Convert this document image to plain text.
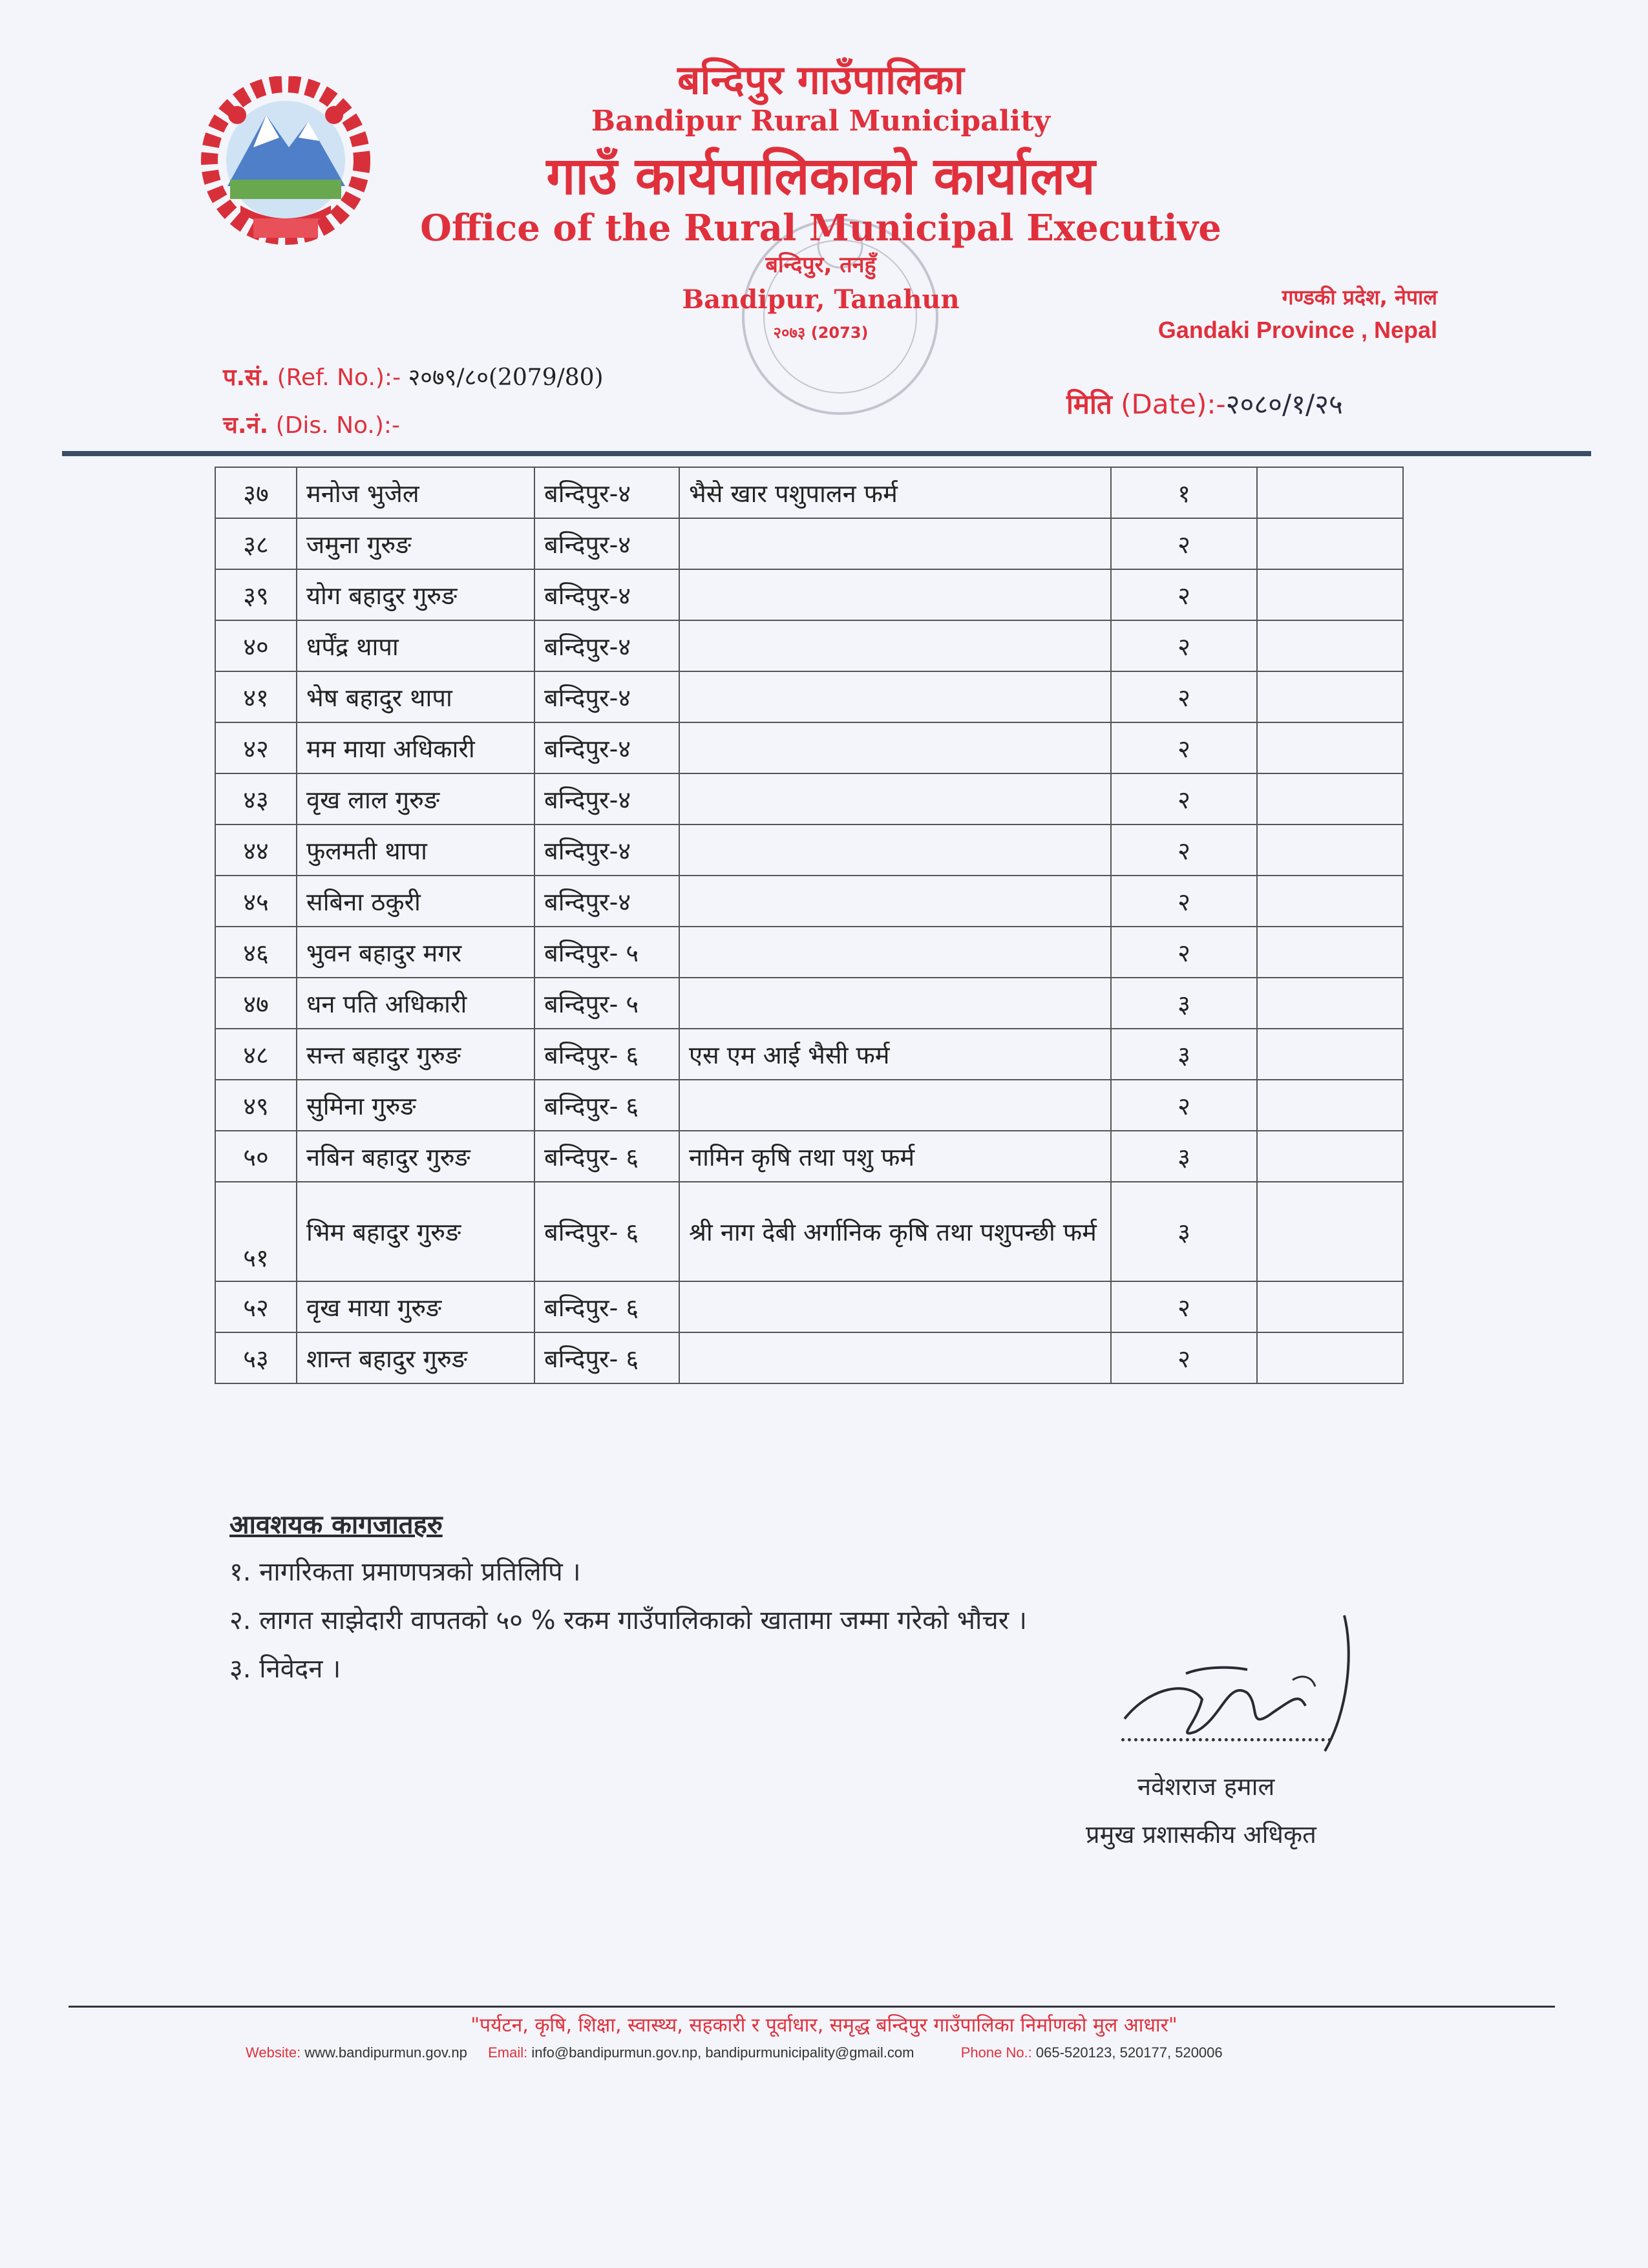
बन्दिपुर गाउँपालिका
Bandipur Rural Municipality
गाउँ कार्यपालिकाको कार्यालय
Office of the Rural Municipal Executive
बन्दिपुर, तनहुँ
Bandipur, Tanahun
२०७३ (2073)
गण्डकी प्रदेश, नेपाल
Gandaki Province , Nepal
प.सं. (Ref. No.):- २०७९/८०(2079/80)
च.नं. (Dis. No.):-
मिति (Date):-२०८०/१/२५
३७	मनोज भुजेल	बन्दिपुर-४	भैसे खार पशुपालन फर्म	१	
३८	जमुना गुरुङ	बन्दिपुर-४		२	
३९	योग बहादुर गुरुङ	बन्दिपुर-४		२	
४०	धर्पेंद्र थापा	बन्दिपुर-४		२	
४१	भेष बहादुर थापा	बन्दिपुर-४		२	
४२	मम माया अधिकारी	बन्दिपुर-४		२	
४३	वृख लाल गुरुङ	बन्दिपुर-४		२	
४४	फुलमती थापा	बन्दिपुर-४		२	
४५	सबिना ठकुरी	बन्दिपुर-४		२	
४६	भुवन बहादुर मगर	बन्दिपुर- ५		२	
४७	धन पति अधिकारी	बन्दिपुर- ५		३	
४८	सन्त बहादुर गुरुङ	बन्दिपुर- ६	एस एम आई भैसी फर्म	३	
४९	सुमिना गुरुङ	बन्दिपुर- ६		२	
५०	नबिन बहादुर गुरुङ	बन्दिपुर- ६	नामिन कृषि तथा पशु फर्म	३	
५१	भिम बहादुर गुरुङ	बन्दिपुर- ६	श्री नाग देबी अर्गानिक कृषि तथा पशुपन्छी फर्म	३	
५२	वृख माया गुरुङ	बन्दिपुर- ६		२	
५३	शान्त बहादुर गुरुङ	बन्दिपुर- ६		२	
आवशयक कागजातहरु
१. नागरिकता प्रमाणपत्रको प्रतिलिपि ।
२. लागत साझेदारी वापतको ५० % रकम गाउँपालिकाको खातामा जम्मा गरेको भौचर ।
३. निवेदन ।
नवेशराज हमाल
प्रमुख प्रशासकीय अधिकृत
"पर्यटन, कृषि, शिक्षा, स्वास्थ्य, सहकारी र पूर्वाधार, समृद्ध बन्दिपुर गाउँपालिका निर्माणको मुल आधार"
Website: www.bandipurmun.gov.np Email: info@bandipurmun.gov.np, bandipurmunicipality@gmail.com	Phone No.: 065-520123, 520177, 520006
